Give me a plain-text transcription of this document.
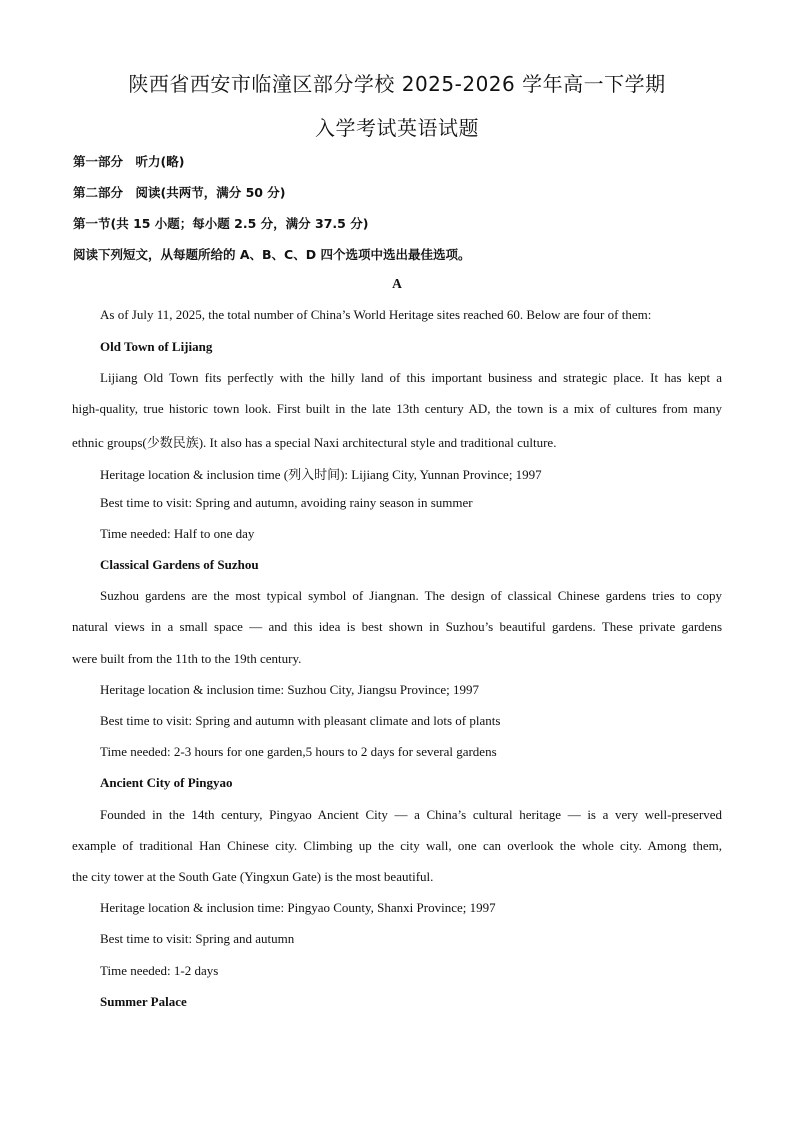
陕西省西安市临潼区部分学校 2025-2026 学年高一下学期
入学考试英语试题
第一部分　听力(略)
第二部分　阅读(共两节，满分 50 分)
第一节(共 15 小题；每小题 2.5 分，满分 37.5 分)
阅读下列短文，从每题所给的 A、B、C、D 四个选项中选出最佳选项。
A
As of July 11, 2025, the total number of China’s World Heritage sites reached 60. Below are four of them:
Old Town of Lijiang
Lijiang Old Town fits perfectly with the hilly land of this important business and strategic place. It has kept a
high-quality, true historic town look. First built in the late 13th century AD, the town is a mix of cultures from many
ethnic groups(少数民族). It also has a special Naxi architectural style and traditional culture.
Heritage location & inclusion time (列入时间): Lijiang City, Yunnan Province; 1997
Best time to visit: Spring and autumn, avoiding rainy season in summer
Time needed: Half to one day
Classical Gardens of Suzhou
Suzhou gardens are the most typical symbol of Jiangnan. The design of classical Chinese gardens tries to copy
natural views in a small space — and this idea is best shown in Suzhou’s beautiful gardens. These private gardens
were built from the 11th to the 19th century.
Heritage location & inclusion time: Suzhou City, Jiangsu Province; 1997
Best time to visit: Spring and autumn with pleasant climate and lots of plants
Time needed: 2-3 hours for one garden,5 hours to 2 days for several gardens
Ancient City of Pingyao
Founded in the 14th century, Pingyao Ancient City — a China’s cultural heritage — is a very well-preserved
example of traditional Han Chinese city. Climbing up the city wall, one can overlook the whole city. Among them,
the city tower at the South Gate (Yingxun Gate) is the most beautiful.
Heritage location & inclusion time: Pingyao County, Shanxi Province; 1997
Best time to visit: Spring and autumn
Time needed: 1-2 days
Summer Palace
